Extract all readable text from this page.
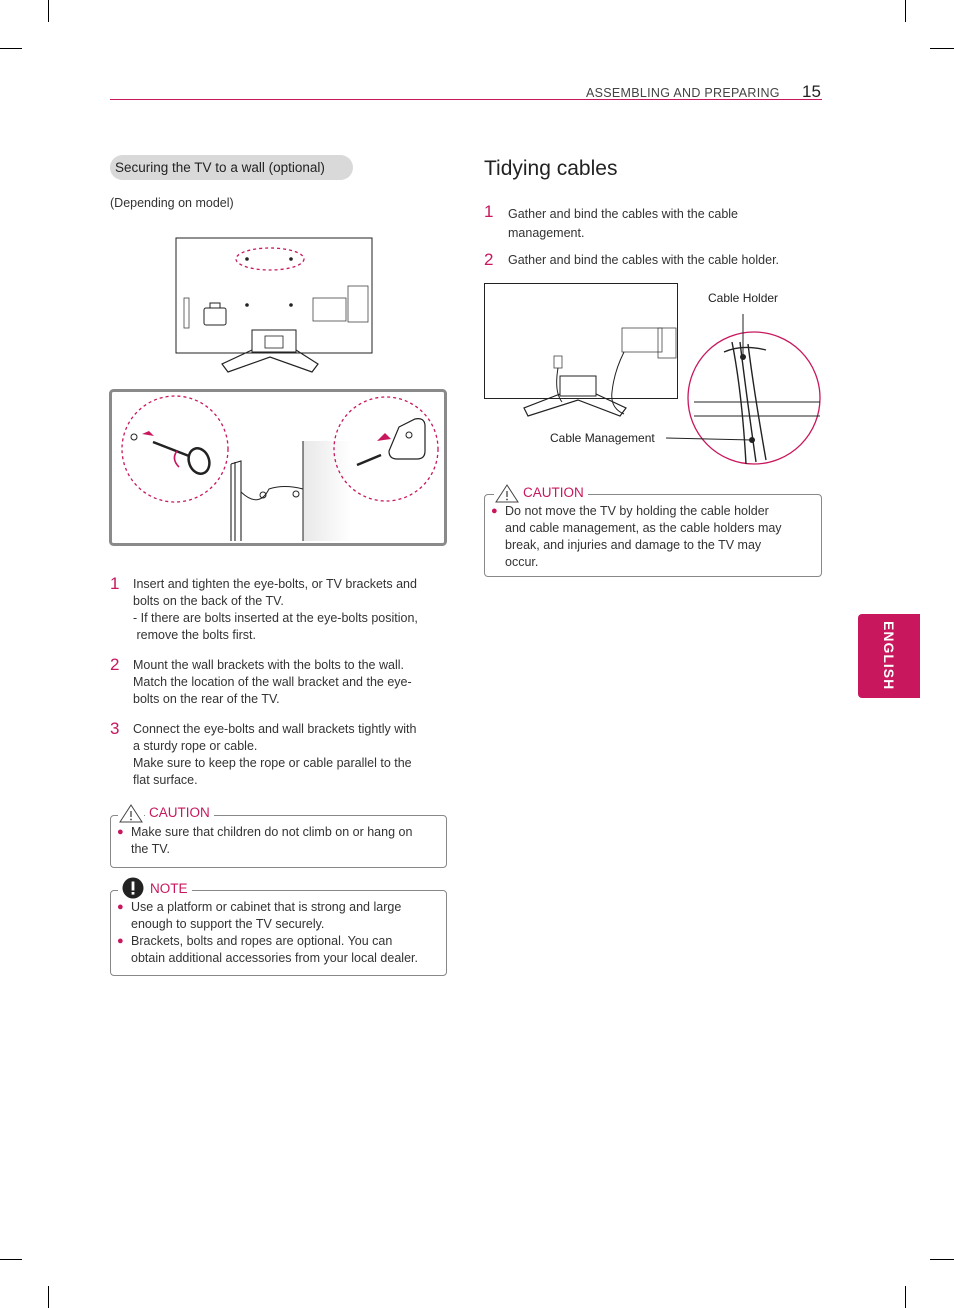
ASSEMBLING AND PREPARING 15
Securing the TV to a wall (optional)
(Depending on model)
1 Insert and tighten the eye-bolts, or TV brackets and
bolts on the back of the TV.
- If there are bolts inserted at the eye-bolts position,
remove the bolts first.
2 Mount the wall brackets with the bolts to the wall.
Match the location of the wall bracket and the eye-
bolts on the rear of the TV.
3 Connect the eye-bolts and wall brackets tightly with
a sturdy rope or cable.
Make sure to keep the rope or cable parallel to the
flat surface.
CAUTION
● Make sure that children do not climb on or hang on
the TV.
NOTE
● Use a platform or cabinet that is strong and large
enough to support the TV securely.
● Brackets, bolts and ropes are optional. You can
obtain additional accessories from your local dealer.
Tidying cables
1 Gather and bind the cables with the cable
management.
2 Gather and bind the cables with the cable holder.
Cable Holder
Cable Management
CAUTION
● Do not move the TV by holding the cable holder
and cable management, as the cable holders may
break, and injuries and damage to the TV may
occur.
ENGLISH
